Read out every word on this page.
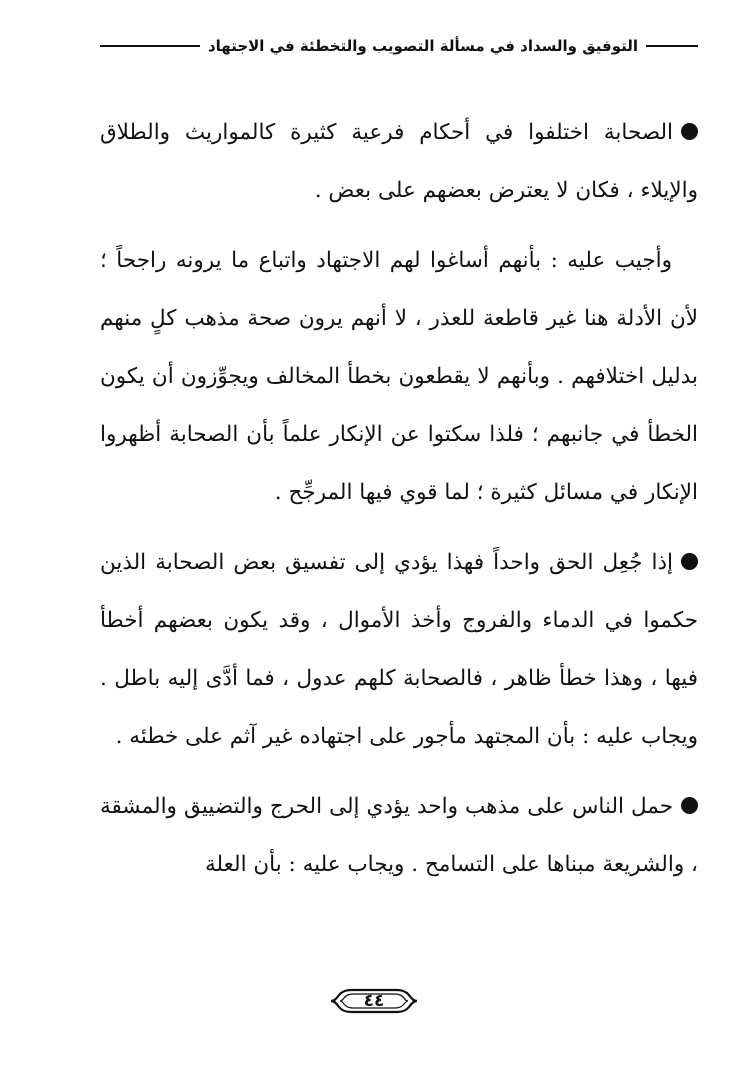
التوفيق والسداد في مسألة التصويب والتخطئة في الاجتهاد

الصحابة اختلفوا في أحكام فرعية كثيرة كالمواريث والطلاق والإيلاء ، فكان لا يعترض بعضهم على بعض .

وأجيب عليه : بأنهم أساغوا لهم الاجتهاد واتباع ما يرونه راجحاً ؛ لأن الأدلة هنا غير قاطعة للعذر ، لا أنهم يرون صحة مذهب كلٍ منهم بدليل اختلافهم . وبأنهم لا يقطعون بخطأ المخالف ويجوِّزون أن يكون الخطأ في جانبهم ؛ فلذا سكتوا عن الإنكار علماً بأن الصحابة أظهروا الإنكار في مسائل كثيرة ؛ لما قوي فيها المرجِّح .

إذا جُعِل الحق واحداً فهذا يؤدي إلى تفسيق بعض الصحابة الذين حكموا في الدماء والفروج وأخذ الأموال ، وقد يكون بعضهم أخطأ فيها ، وهذا خطأ ظاهر ، فالصحابة كلهم عدول ، فما أدَّى إليه باطل . ويجاب عليه : بأن المجتهد مأجور على اجتهاده غير آثم على خطئه .

حمل الناس على مذهب واحد يؤدي إلى الحرج والتضييق والمشقة ، والشريعة مبناها على التسامح . ويجاب عليه : بأن العلة

٤٤
